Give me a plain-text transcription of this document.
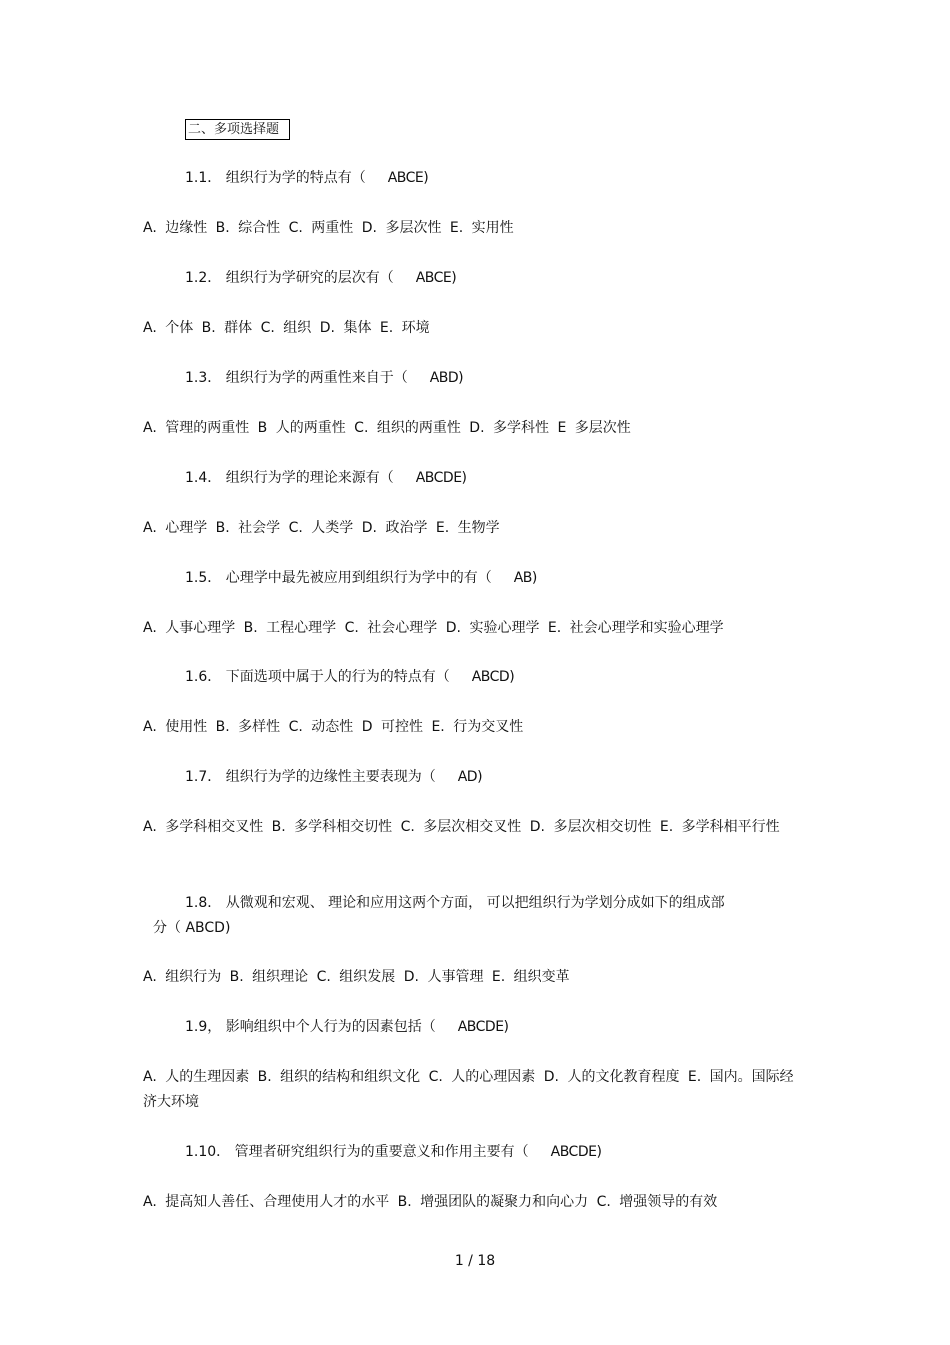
二、多项选择题
1.1． 组织行为学的特点有（ ABCE)
A. 边缘性 B. 综合性 C. 两重性 D. 多层次性 E. 实用性
1.2． 组织行为学研究的层次有（ ABCE)
A. 个体 B. 群体 C. 组织 D. 集体 E. 环境
1.3． 组织行为学的两重性来自于（ ABD)
A. 管理的两重性 B 人的两重性 C. 组织的两重性 D. 多学科性 E 多层次性
1.4． 组织行为学的理论来源有（ ABCDE)
A. 心理学 B. 社会学 C. 人类学 D. 政治学 E. 生物学
1.5． 心理学中最先被应用到组织行为学中的有（ AB)
A. 人事心理学 B. 工程心理学 C. 社会心理学 D. 实验心理学 E. 社会心理学和实验心理学
1.6． 下面选项中属于人的行为的特点有（ ABCD)
A. 使用性 B. 多样性 C. 动态性 D 可控性 E. 行为交叉性
1.7． 组织行为学的边缘性主要表现为（ AD)
A. 多学科相交叉性 B. 多学科相交切性 C. 多层次相交叉性 D. 多层次相交切性 E. 多学科相平行性
1.8． 从微观和宏观、 理论和应用这两个方面， 可以把组织行为学划分成如下的组成部
分（ ABCD)
A. 组织行为 B. 组织理论 C. 组织发展 D. 人事管理 E. 组织变革
1.9， 影响组织中个人行为的因素包括（ ABCDE)
A. 人的生理因素 B. 组织的结构和组织文化 C. 人的心理因素 D. 人的文化教育程度 E. 国内。国际经济大环境
1.10． 管理者研究组织行为的重要意义和作用主要有（ ABCDE)
A. 提高知人善任、合理使用人才的水平 B. 增强团队的凝聚力和向心力 C. 增强领导的有效
1 / 18
